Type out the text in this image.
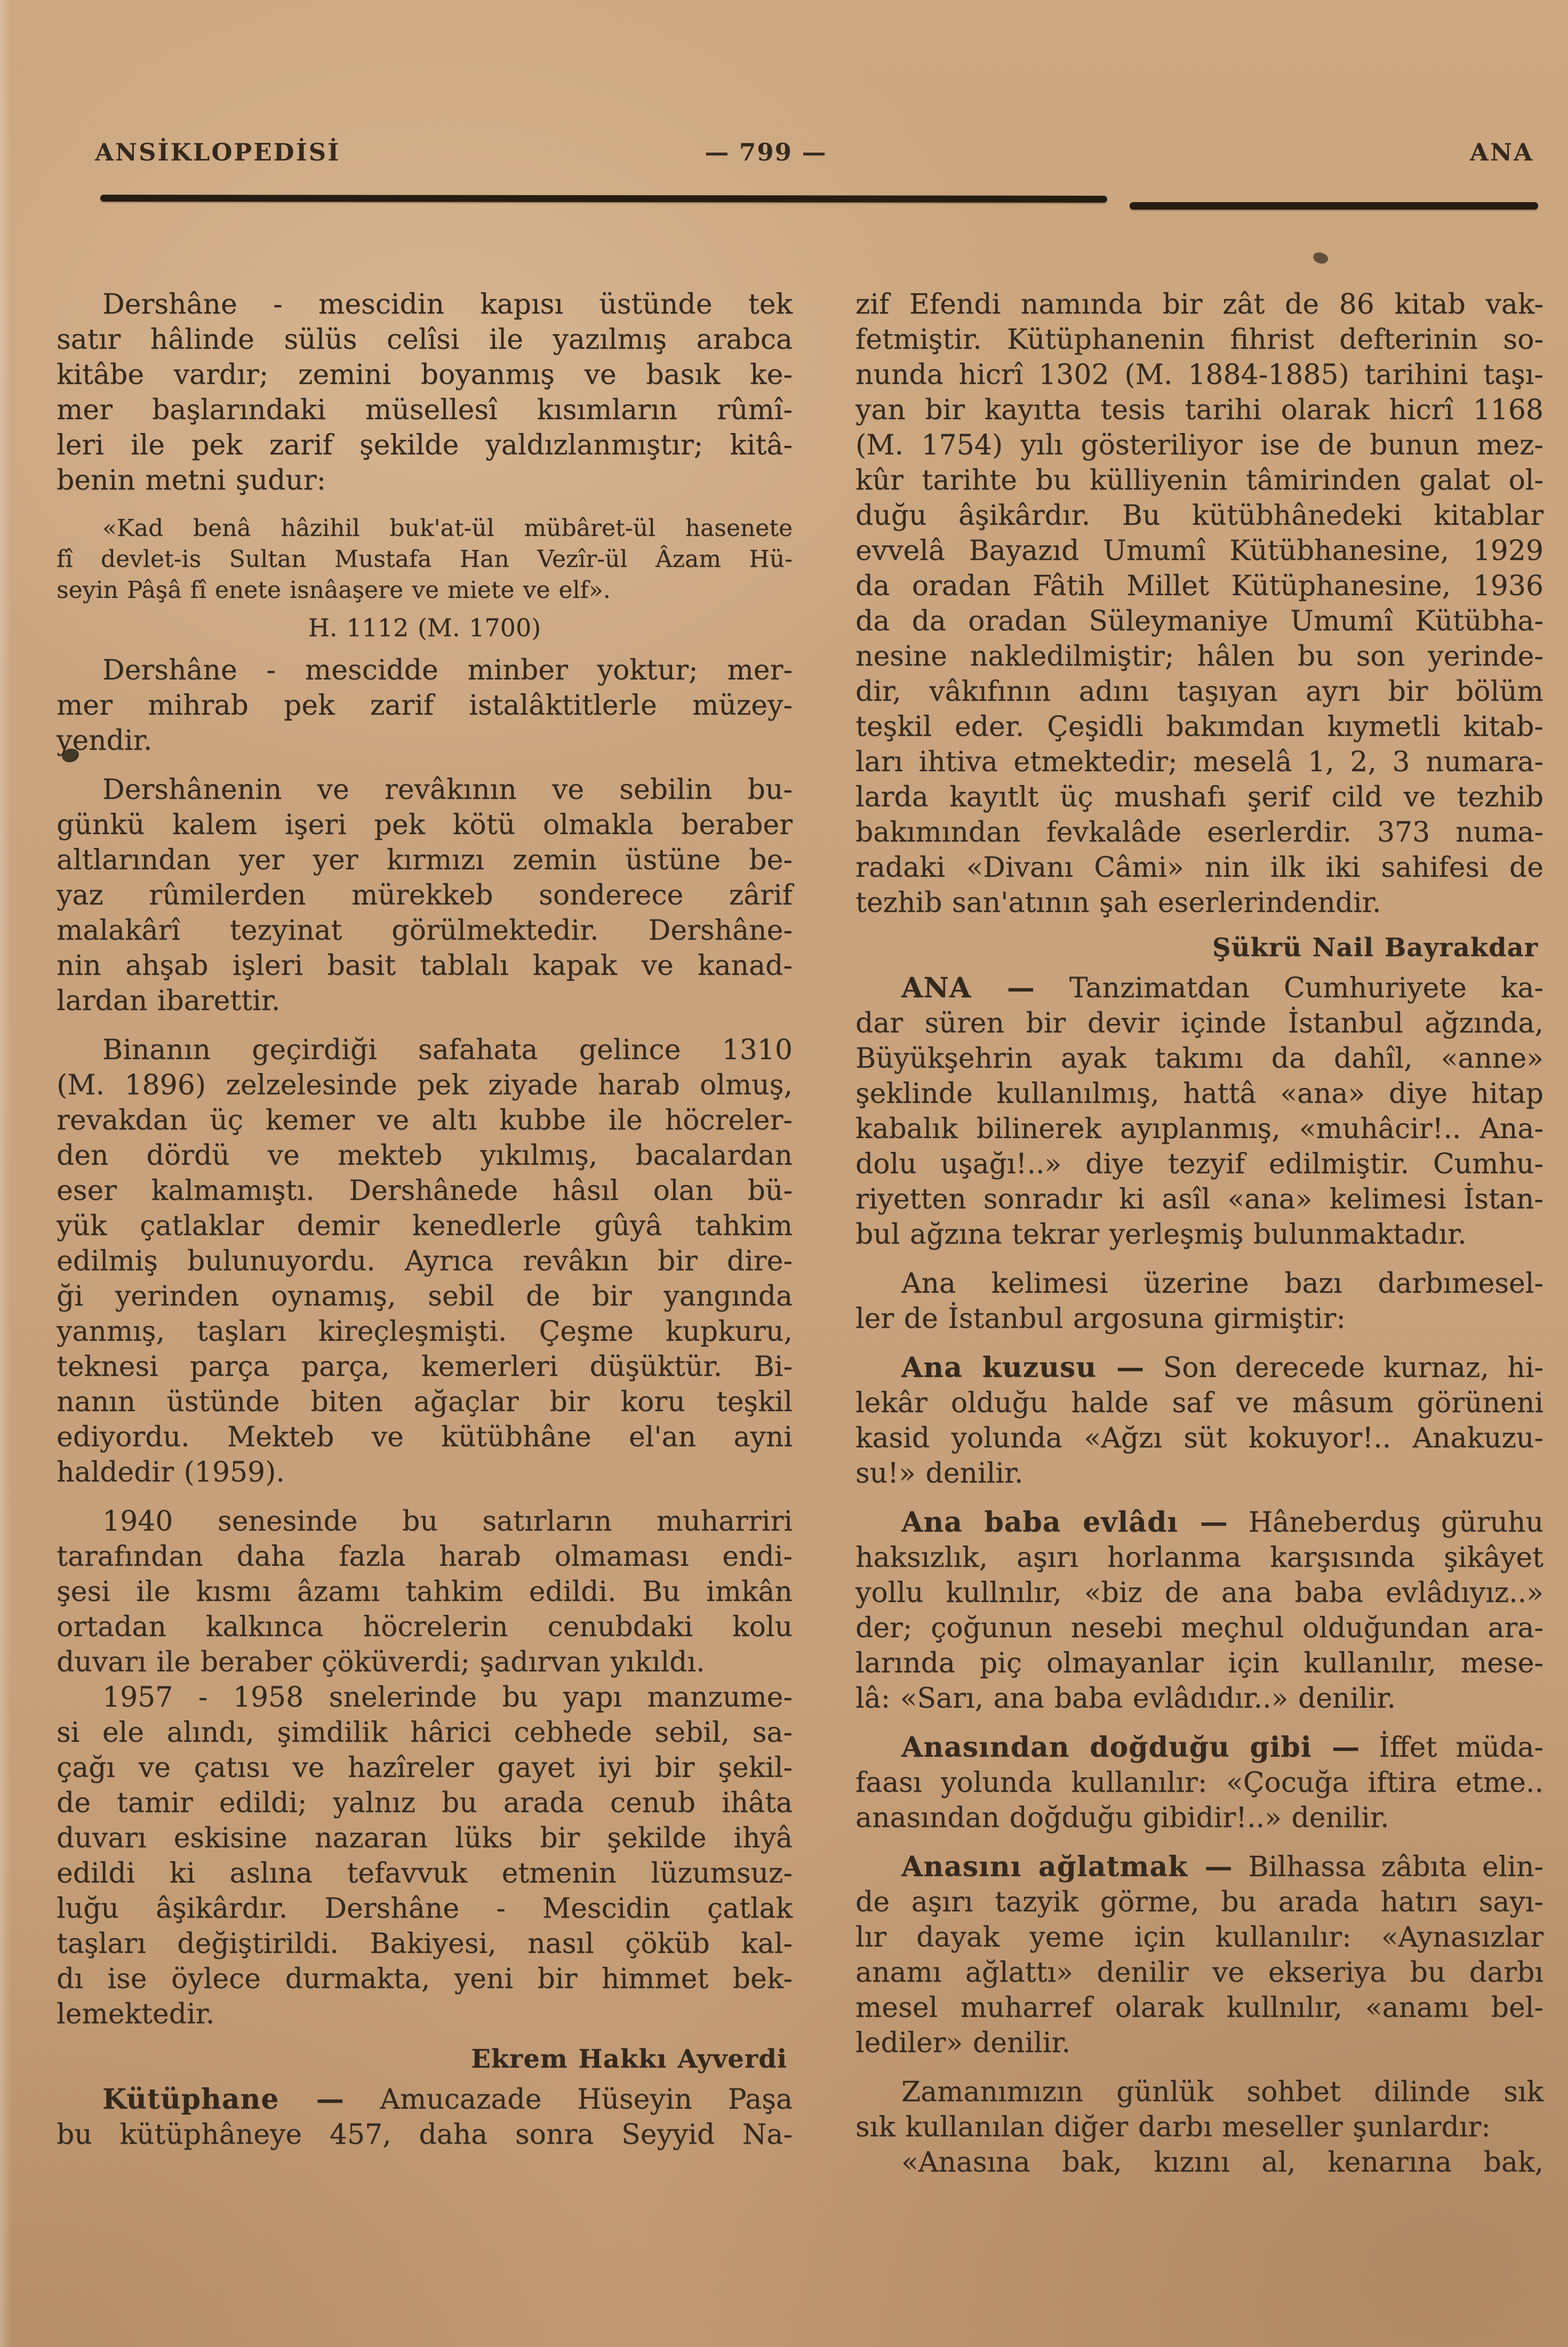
ANSİKLOPEDİSİ	— 799 —	ANA
Dershâne - mescidin kapısı üstünde tek
satır hâlinde sülüs celîsi ile yazılmış arabca
kitâbe vardır; zemini boyanmış ve basık ke-
mer başlarındaki müsellesî kısımların rûmî-
leri ile pek zarif şekilde yaldızlanmıştır; kitâ-
benin metni şudur:
«Kad benâ hâzihil buk'at-ül mübâret-ül hasenete
fî devlet-is Sultan Mustafa Han Vezîr-ül Âzam Hü-
seyin Pâşâ fî enete isnâaşere ve miete ve elf».
H. 1112 (M. 1700)
Dershâne - mescidde minber yoktur; mer-
mer mihrab pek zarif istalâktitlerle müzey-
yendir.
Dershânenin ve revâkının ve sebilin bu-
günkü kalem işeri pek kötü olmakla beraber
altlarından yer yer kırmızı zemin üstüne be-
yaz rûmilerden mürekkeb sonderece zârif
malakârî tezyinat görülmektedir. Dershâne-
nin ahşab işleri basit tablalı kapak ve kanad-
lardan ibarettir.
Binanın geçirdiği safahata gelince 1310
(M. 1896) zelzelesinde pek ziyade harab olmuş,
revakdan üç kemer ve altı kubbe ile höcreler-
den dördü ve mekteb yıkılmış, bacalardan
eser kalmamıştı. Dershânede hâsıl olan bü-
yük çatlaklar demir kenedlerle gûyâ tahkim
edilmiş bulunuyordu. Ayrıca revâkın bir dire-
ği yerinden oynamış, sebil de bir yangında
yanmış, taşları kireçleşmişti. Çeşme kupkuru,
teknesi parça parça, kemerleri düşüktür. Bi-
nanın üstünde biten ağaçlar bir koru teşkil
ediyordu. Mekteb ve kütübhâne el'an ayni
haldedir (1959).
1940 senesinde bu satırların muharriri
tarafından daha fazla harab olmaması endi-
şesi ile kısmı âzamı tahkim edildi. Bu imkân
ortadan kalkınca höcrelerin cenubdaki kolu
duvarı ile beraber çöküverdi; şadırvan yıkıldı.
1957 - 1958 snelerinde bu yapı manzume-
si ele alındı, şimdilik hârici cebhede sebil, sa-
çağı ve çatısı ve hazîreler gayet iyi bir şekil-
de tamir edildi; yalnız bu arada cenub ihâta
duvarı eskisine nazaran lüks bir şekilde ihyâ
edildi ki aslına tefavvuk etmenin lüzumsuz-
luğu âşikârdır. Dershâne - Mescidin çatlak
taşları değiştirildi. Bakiyesi, nasıl çöküb kal-
dı ise öylece durmakta, yeni bir himmet bek-
lemektedir.
Ekrem Hakkı Ayverdi
Kütüphane — Amucazade Hüseyin Paşa
bu kütüphâneye 457, daha sonra Seyyid Na-
zif Efendi namında bir zât de 86 kitab vak-
fetmiştir. Kütüphanenin fihrist defterinin so-
nunda hicrî 1302 (M. 1884-1885) tarihini taşı-
yan bir kayıtta tesis tarihi olarak hicrî 1168
(M. 1754) yılı gösteriliyor ise de bunun mez-
kûr tarihte bu külliyenin tâmirinden galat ol-
duğu âşikârdır. Bu kütübhânedeki kitablar
evvelâ Bayazıd Umumî Kütübhanesine, 1929
da oradan Fâtih Millet Kütüphanesine, 1936
da da oradan Süleymaniye Umumî Kütübha-
nesine nakledilmiştir; hâlen bu son yerinde-
dir, vâkıfının adını taşıyan ayrı bir bölüm
teşkil eder. Çeşidli bakımdan kıymetli kitab-
ları ihtiva etmektedir; meselâ 1, 2, 3 numara-
larda kayıtlt üç mushafı şerif cild ve tezhib
bakımından fevkalâde eserlerdir. 373 numa-
radaki «Divanı Câmi» nin ilk iki sahifesi de
tezhib san'atının şah eserlerindendir.
Şükrü Nail Bayrakdar
ANA — Tanzimatdan Cumhuriyete ka-
dar süren bir devir içinde İstanbul ağzında,
Büyükşehrin ayak takımı da dahîl, «anne»
şeklinde kullanılmış, hattâ «ana» diye hitap
kabalık bilinerek ayıplanmış, «muhâcir!.. Ana-
dolu uşağı!..» diye tezyif edilmiştir. Cumhu-
riyetten sonradır ki asîl «ana» kelimesi İstan-
bul ağzına tekrar yerleşmiş bulunmaktadır.
Ana kelimesi üzerine bazı darbımesel-
ler de İstanbul argosuna girmiştir:
Ana kuzusu — Son derecede kurnaz, hi-
lekâr olduğu halde saf ve mâsum görüneni
kasid yolunda «Ağzı süt kokuyor!.. Anakuzu-
su!» denilir.
Ana baba evlâdı — Hâneberduş güruhu
haksızlık, aşırı horlanma karşısında şikâyet
yollu kullnılır, «biz de ana baba evlâdıyız..»
der; çoğunun nesebi meçhul olduğundan ara-
larında piç olmayanlar için kullanılır, mese-
lâ: «Sarı, ana baba evlâdıdır..» denilir.
Anasından doğduğu gibi — İffet müda-
faası yolunda kullanılır: «Çocuğa iftira etme..
anasından doğduğu gibidir!..» denilir.
Anasını ağlatmak — Bilhassa zâbıta elin-
de aşırı tazyik görme, bu arada hatırı sayı-
lır dayak yeme için kullanılır: «Aynasızlar
anamı ağlattı» denilir ve ekseriya bu darbı
mesel muharref olarak kullnılır, «anamı bel-
lediler» denilir.
Zamanımızın günlük sohbet dilinde sık
sık kullanılan diğer darbı meseller şunlardır:
«Anasına bak, kızını al, kenarına bak,
